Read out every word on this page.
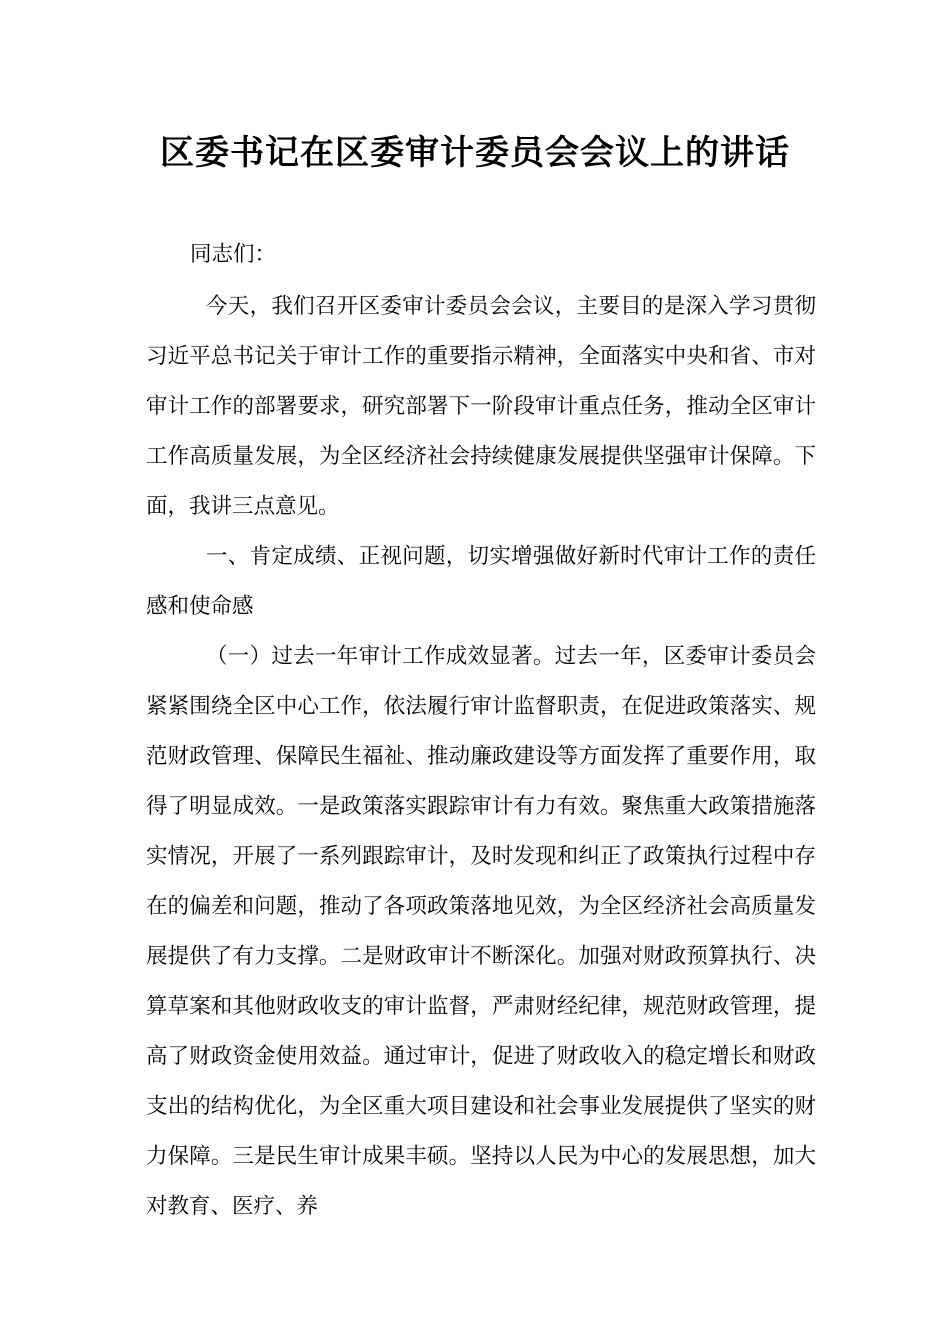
区委书记在区委审计委员会会议上的讲话

同志们：

今天，我们召开区委审计委员会会议，主要目的是深入学习贯彻习近平总书记关于审计工作的重要指示精神，全面落实中央和省、市对审计工作的部署要求，研究部署下一阶段审计重点任务，推动全区审计工作高质量发展，为全区经济社会持续健康发展提供坚强审计保障。下面，我讲三点意见。

一、肯定成绩、正视问题，切实增强做好新时代审计工作的责任感和使命感

（一）过去一年审计工作成效显著。过去一年，区委审计委员会紧紧围绕全区中心工作，依法履行审计监督职责，在促进政策落实、规范财政管理、保障民生福祉、推动廉政建设等方面发挥了重要作用，取得了明显成效。一是政策落实跟踪审计有力有效。聚焦重大政策措施落实情况，开展了一系列跟踪审计，及时发现和纠正了政策执行过程中存在的偏差和问题，推动了各项政策落地见效，为全区经济社会高质量发展提供了有力支撑。二是财政审计不断深化。加强对财政预算执行、决算草案和其他财政收支的审计监督，严肃财经纪律，规范财政管理，提高了财政资金使用效益。通过审计，促进了财政收入的稳定增长和财政支出的结构优化，为全区重大项目建设和社会事业发展提供了坚实的财力保障。三是民生审计成果丰硕。坚持以人民为中心的发展思想，加大对教育、医疗、养
